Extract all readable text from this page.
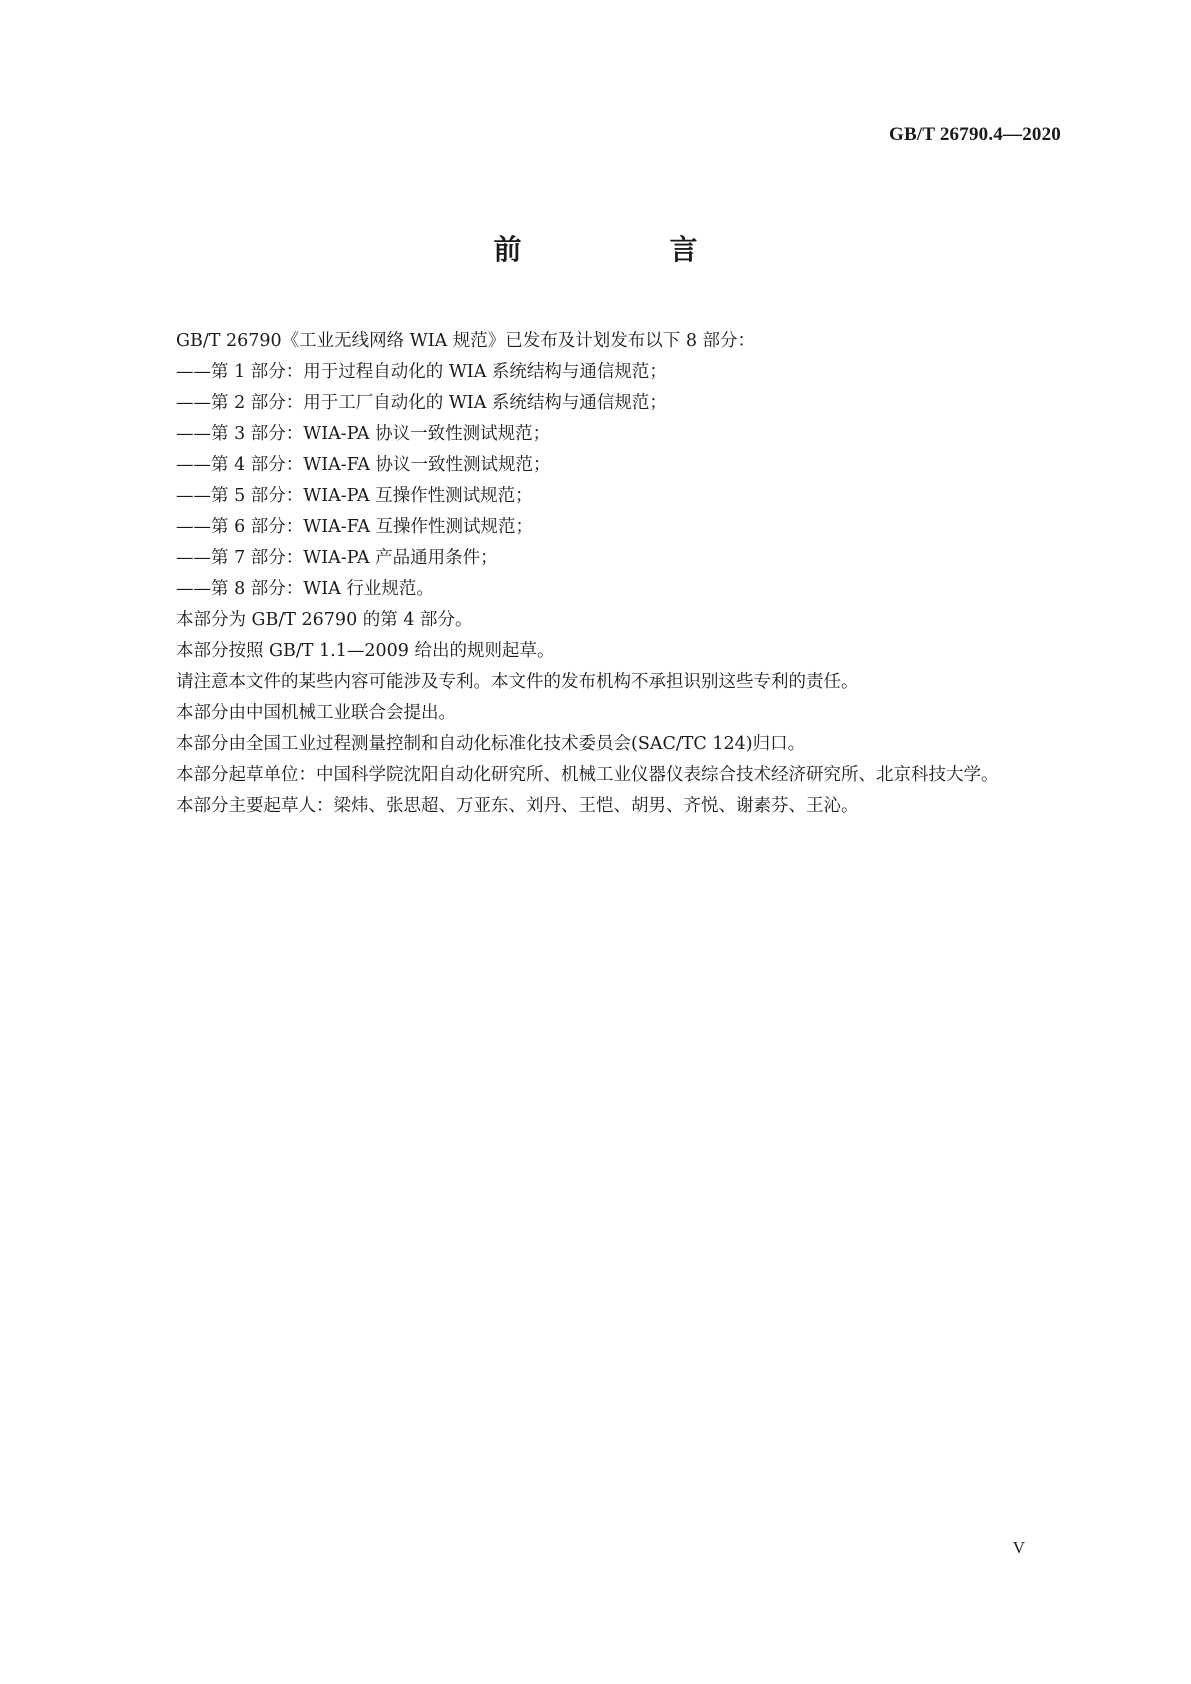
GB/T 26790.4—2020
前　言

GB/T 26790《工业无线网络 WIA 规范》已发布及计划发布以下 8 部分：

——第 1 部分：用于过程自动化的 WIA 系统结构与通信规范；

——第 2 部分：用于工厂自动化的 WIA 系统结构与通信规范；

——第 3 部分：WIA-PA 协议一致性测试规范；

——第 4 部分：WIA-FA 协议一致性测试规范；

——第 5 部分：WIA-PA 互操作性测试规范；

——第 6 部分：WIA-FA 互操作性测试规范；

——第 7 部分：WIA-PA 产品通用条件；

——第 8 部分：WIA 行业规范。

本部分为 GB/T 26790 的第 4 部分。

本部分按照 GB/T 1.1—2009 给出的规则起草。

请注意本文件的某些内容可能涉及专利。本文件的发布机构不承担识别这些专利的责任。

本部分由中国机械工业联合会提出。

本部分由全国工业过程测量控制和自动化标准化技术委员会(SAC/TC 124)归口。

本部分起草单位：中国科学院沈阳自动化研究所、机械工业仪器仪表综合技术经济研究所、北京科技大学。

本部分主要起草人：梁炜、张思超、万亚东、刘丹、王恺、胡男、齐悦、谢素芬、王沁。

V
